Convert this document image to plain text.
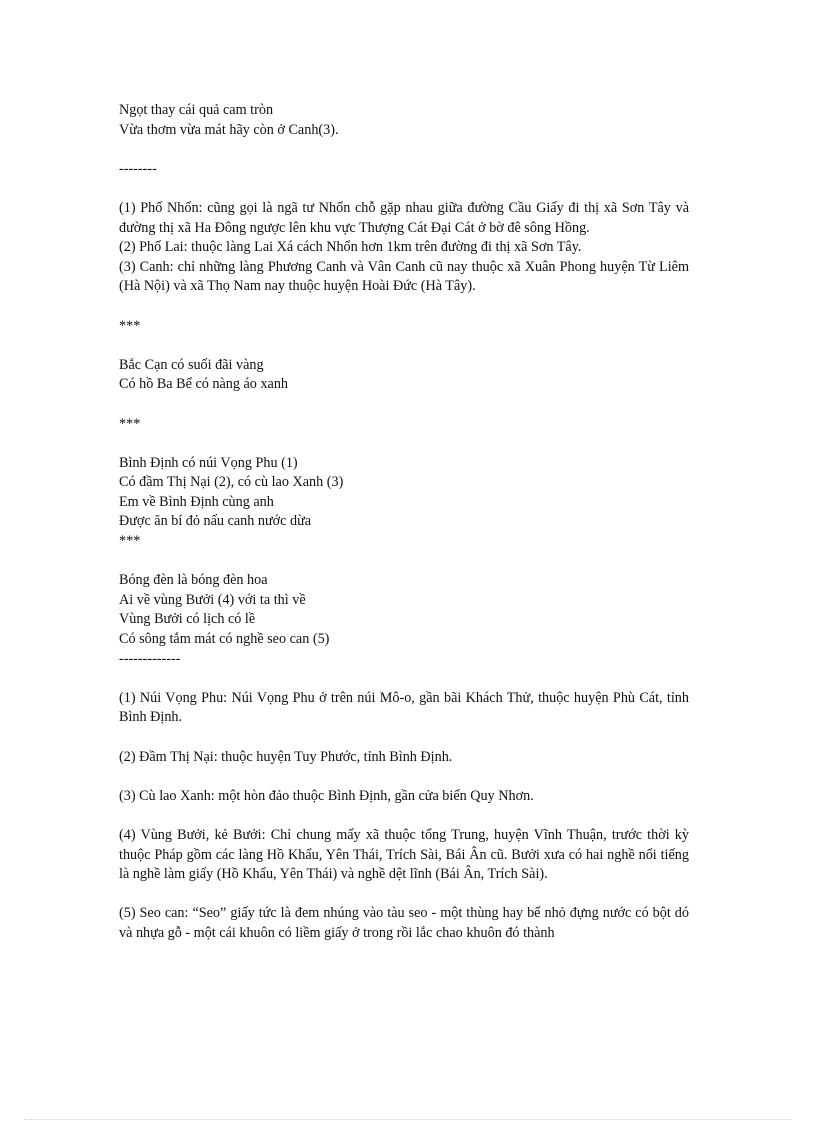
Ngọt thay cái quả cam tròn
Vừa thơm vừa mát hãy còn ở Canh(3).
--------
(1) Phố Nhổn: cũng gọi là ngã tư Nhổn chỗ gặp nhau giữa đường Cầu Giấy đi thị xã Sơn Tây và đường thị xã Ha Đông ngược lên khu vực Thượng Cát Đại Cát ở bờ đê sông Hồng.
(2) Phố Lai: thuộc làng Lai Xá cách Nhổn hơn 1km trên đường đi thị xã Sơn Tây.
(3) Canh: chỉ những làng Phương Canh và Vân Canh cũ nay thuộc xã Xuân Phong huyện Từ Liêm (Hà Nội) và xã Thọ Nam nay thuộc huyện Hoài Đức (Hà Tây).
***
Bắc Cạn có suối đãi vàng
Có hồ Ba Bể có nàng áo xanh
***
Bình Định có núi Vọng Phu (1)
Có đầm Thị Nại (2), có cù lao Xanh (3)
Em về Bình Định cùng anh
Được ăn bí đỏ nấu canh nước dừa
***
Bóng đèn là bóng đèn hoa
Ai về vùng Bưởi (4) với ta thì về
Vùng Bưởi có lịch có lề
Có sông tắm mát có nghề seo can (5)
-------------
(1) Núi Vọng Phu: Núi Vọng Phu ở trên núi Mô-o, gần bãi Khách Thử, thuộc huyện Phù Cát, tỉnh Bình Định.
(2) Đầm Thị Nại: thuộc huyện Tuy Phước, tỉnh Bình Định.
(3) Cù lao Xanh: một hòn đảo thuộc Bình Định, gần cửa biển Quy Nhơn.
(4) Vùng Bưởi, kẻ Bưởi: Chỉ chung mấy xã thuộc tổng Trung, huyện Vĩnh Thuận, trước thời kỳ thuộc Pháp gồm các làng Hồ Khẩu, Yên Thái, Trích Sài, Bái Ân cũ. Bưởi xưa có hai nghề nổi tiếng là nghề làm giấy (Hồ Khẩu, Yên Thái) và nghề dệt lĩnh (Bái Ân, Trích Sài).
(5) Seo can: “Seo” giấy tức là đem nhúng vào tàu seo - một thùng hay bể nhỏ đựng nước có bột dó và nhựa gỗ - một cái khuôn có liềm giấy ở trong rồi lắc chao khuôn đó thành
